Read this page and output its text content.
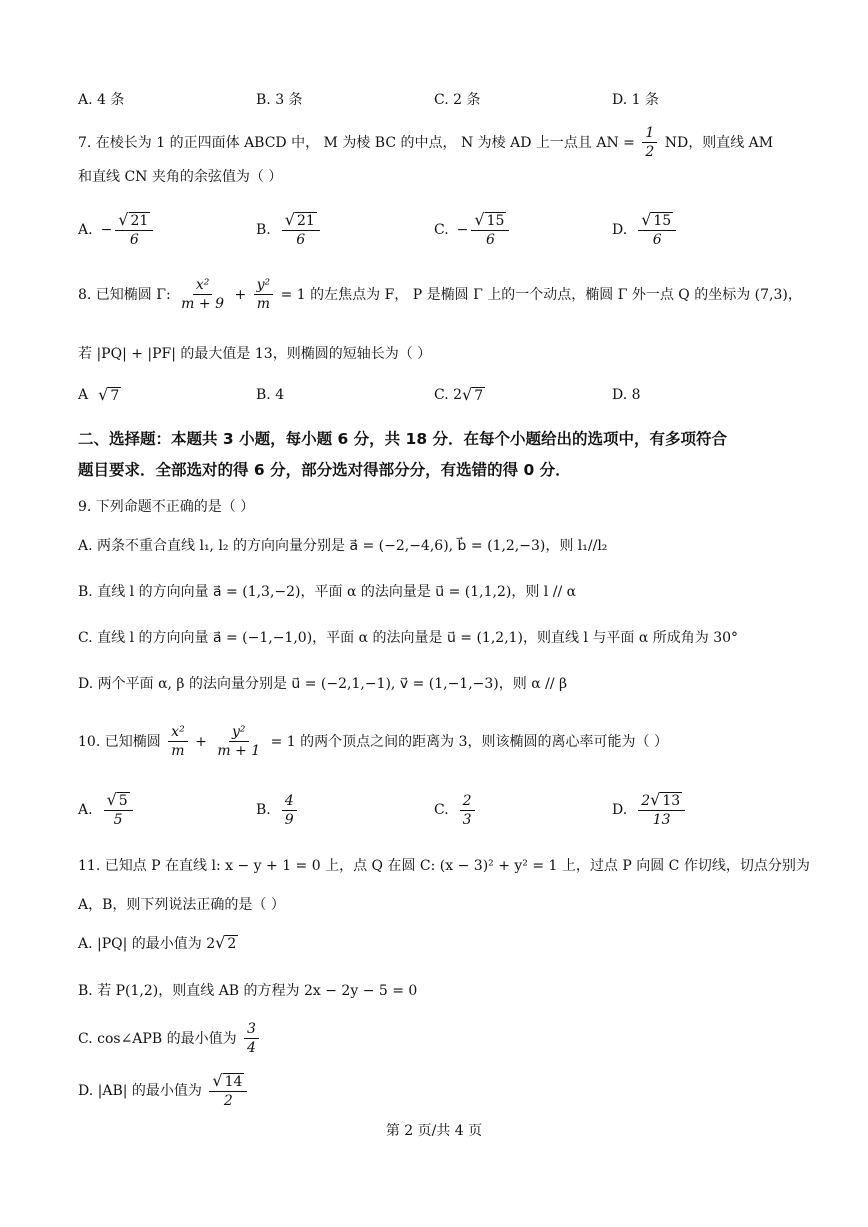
A. 4 条	B. 3 条	C. 2 条	D. 1 条
7. 在棱长为 1 的正四面体 ABCD 中， M 为棱 BC 的中点， N 为棱 AD 上一点且 AN = $\frac{1}{2}$ ND，则直线 AM
和直线 CN 夹角的余弦值为（ ）
A. − $\frac{√ 21}{6}$	B. $\frac{√ 21}{6}$	C. − $\frac{√ 15}{6}$	D. $\frac{√ 15}{6}$
8. 已知椭圆 Γ: $\frac{\text{x²}}{m + 9} + \frac{\text{y²}}{m} = 1$ 的左焦点为 F， P 是椭圆 Γ 上的一个动点，椭圆 Γ 外一点 Q 的坐标为 (7,3)，
若 |PQ| + |PF| 的最大值是 13，则椭圆的短轴长为（ ）
A √ 7	B. 4	C. 2 √ 7	D. 8
二、选择题：本题共 3 小题，每小题 6 分，共 18 分．在每个小题给出的选项中，有多项符合
题目要求．全部选对的得 6 分，部分选对得部分分，有选错的得 0 分．
9. 下列命题不正确的是（ ）
A. 两条不重合直线 l₁, l₂ 的方向向量分别是 a⃗ = (−2,−4,6), b⃗ = (1,2,−3)，则 l₁//l₂
B. 直线 l 的方向向量 a⃗ = (1,3,−2)，平面 α 的法向量是 u⃗ = (1,1,2)，则 l // α
C. 直线 l 的方向向量 a⃗ = (−1,−1,0)，平面 α 的法向量是 u⃗ = (1,2,1)，则直线 l 与平面 α 所成角为 30°
D. 两个平面 α, β 的法向量分别是 u⃗ = (−2,1,−1), v⃗ = (1,−1,−3)，则 α // β
10. 已知椭圆 $\frac{\text{x²}}{m} + \frac{\text{y²}}{m + 1} = 1$ 的两个顶点之间的距离为 3，则该椭圆的离心率可能为（ ）
A. $\frac{√ 5}{5}$	B. $\frac{4}{9}$	C. $\frac{2}{3}$	D. $\frac{2 √ 13}{13}$
11. 已知点 P 在直线 l: x − y + 1 = 0 上，点 Q 在圆 C: (x − 3)² + y² = 1 上，过点 P 向圆 C 作切线，切点分别为
A，B，则下列说法正确的是（ ）
A. |PQ| 的最小值为 2 √ 2
B. 若 P(1,2)，则直线 AB 的方程为 2x − 2y − 5 = 0
C. cos∠APB 的最小值为 $\frac{3}{4}$
D. |AB| 的最小值为 $\frac{√ 14}{2}$
第 2 页/共 4 页
